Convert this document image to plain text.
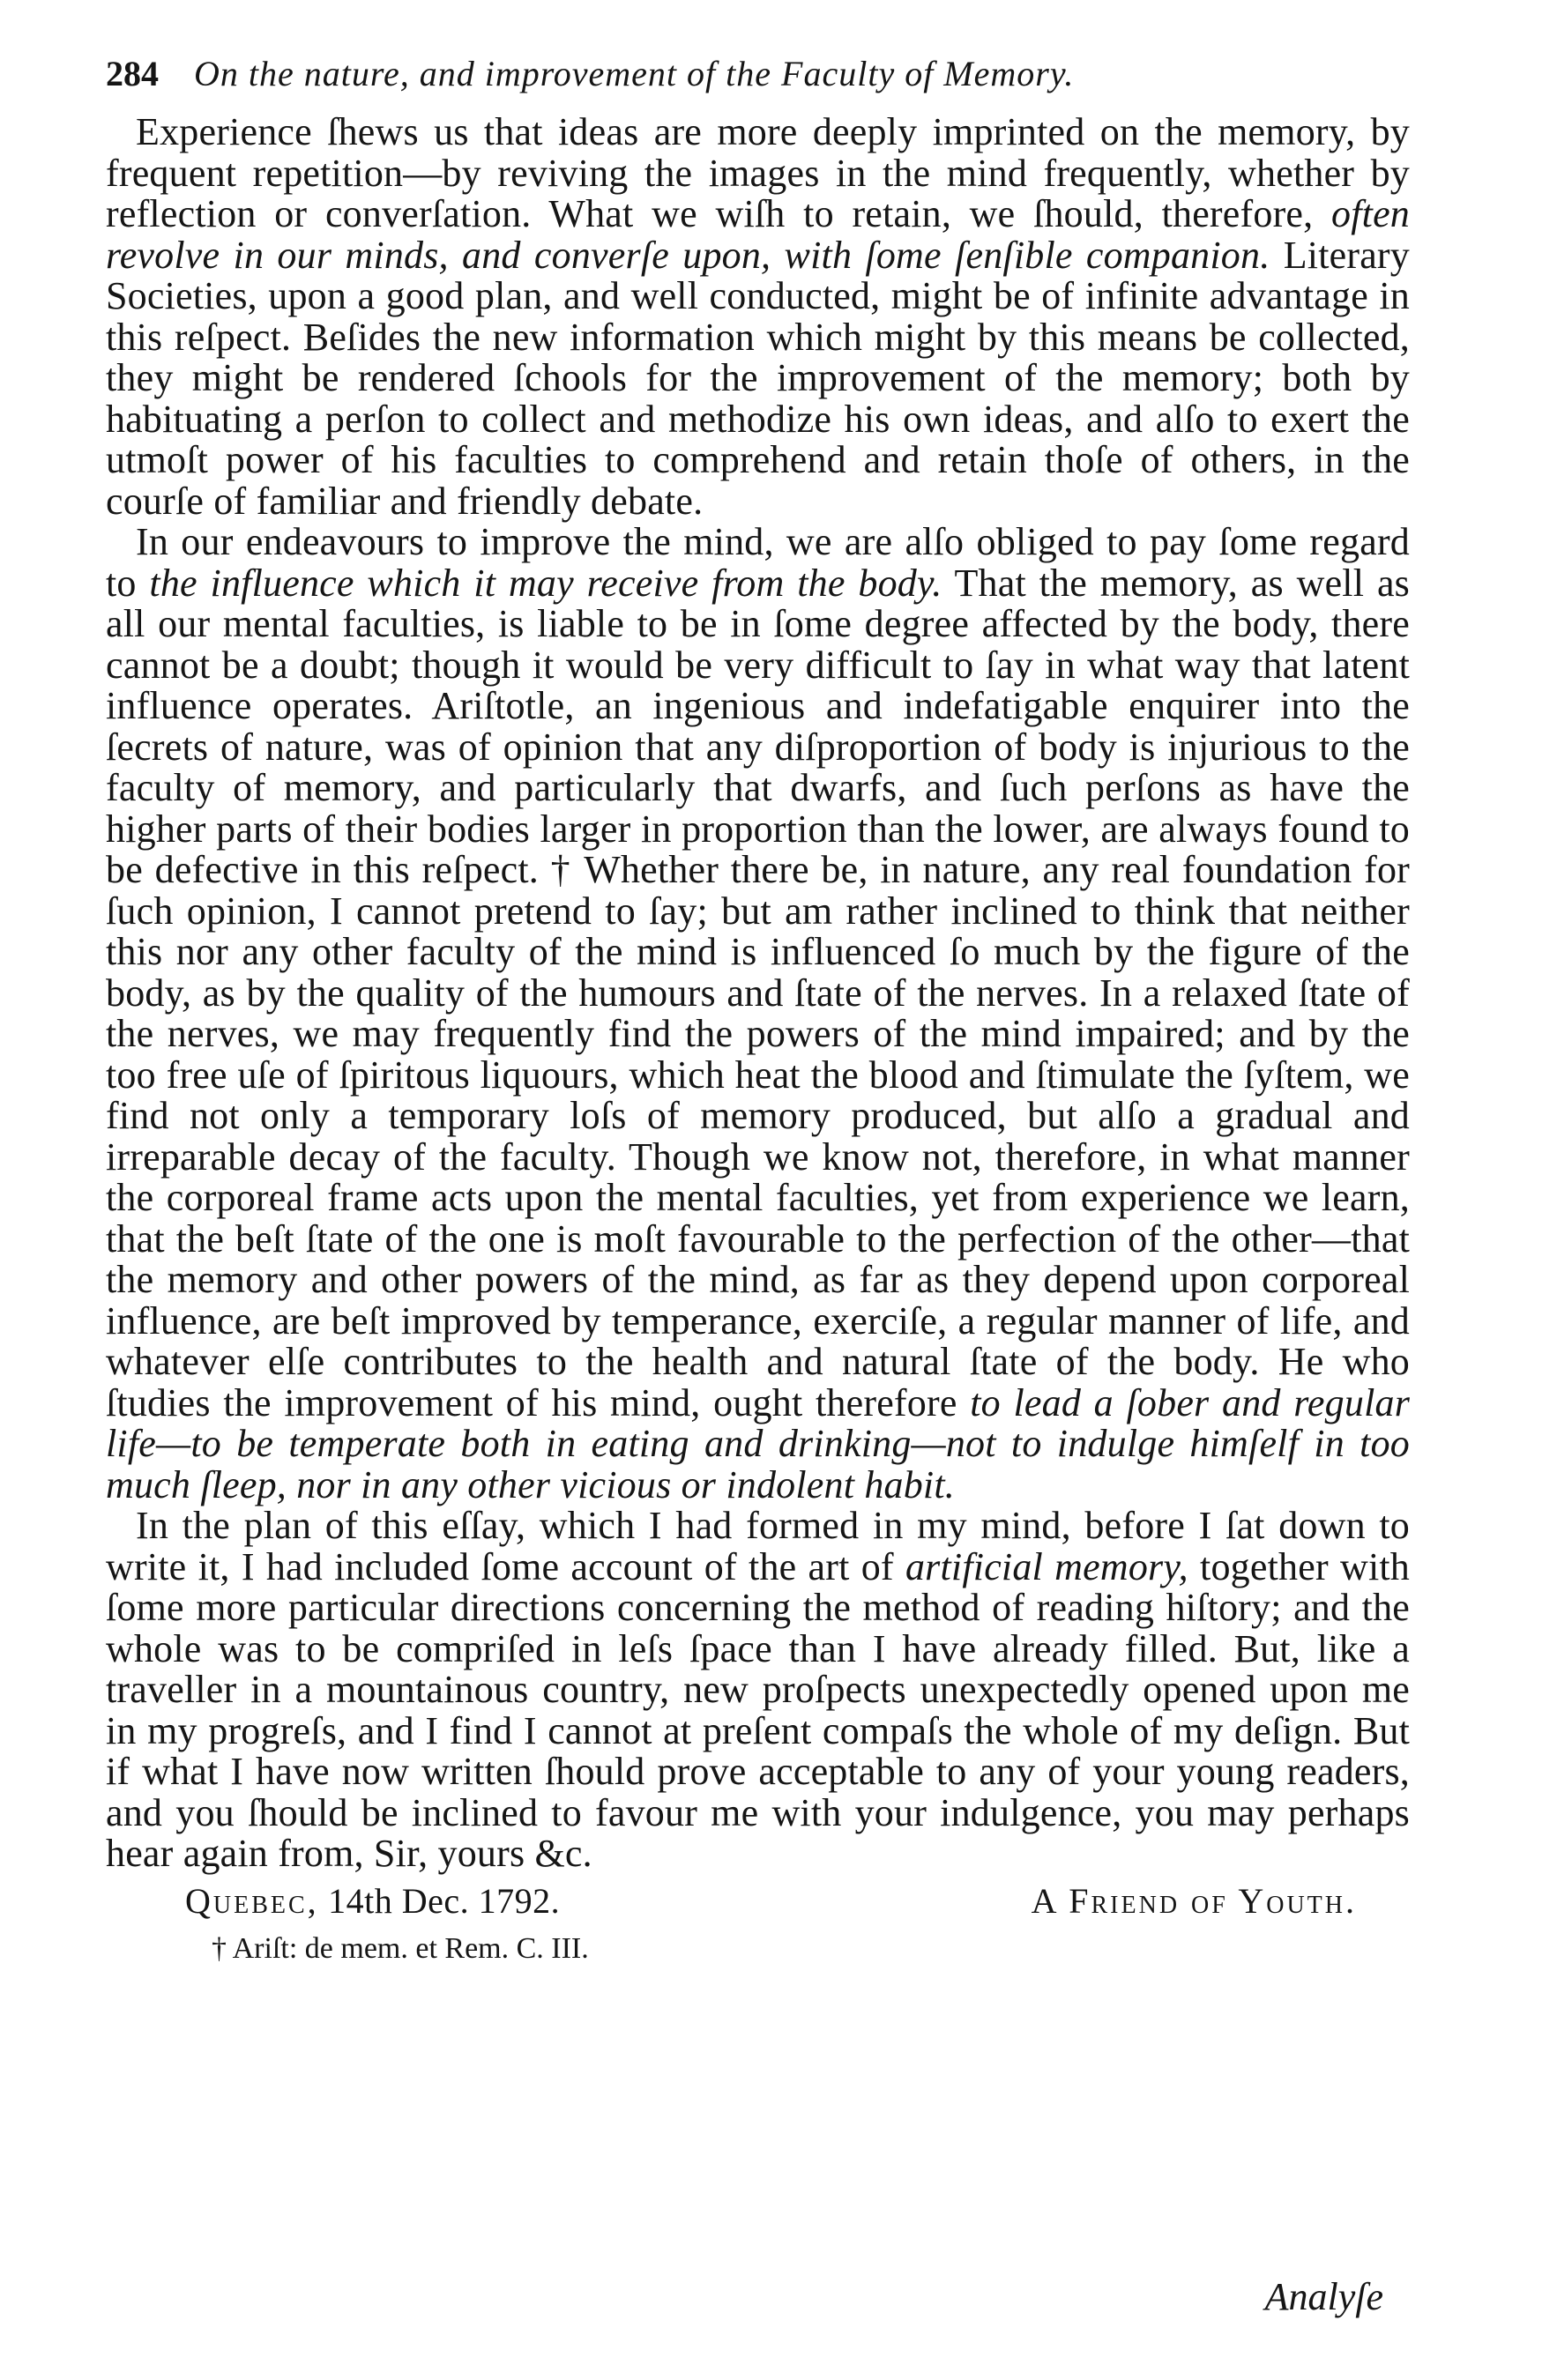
284 On the nature, and improvement of the Faculty of Memory.

Experience ſhews us that ideas are more deeply imprinted on the memory, by frequent repetition—by reviving the images in the mind frequently, whether by reflection or converſation. What we wiſh to retain, we ſhould, therefore, often revolve in our minds, and converſe upon, with ſome ſenſible companion. Literary Societies, upon a good plan, and well conducted, might be of infinite advantage in this reſpect. Beſides the new information which might by this means be collected, they might be rendered ſchools for the improvement of the memory; both by habituating a perſon to collect and methodize his own ideas, and alſo to exert the utmoſt power of his faculties to comprehend and retain thoſe of others, in the courſe of familiar and friendly debate.

In our endeavours to improve the mind, we are alſo obliged to pay ſome regard to the influence which it may receive from the body. That the memory, as well as all our mental faculties, is liable to be in ſome degree affected by the body, there cannot be a doubt; though it would be very difficult to ſay in what way that latent influence operates. Ariſtotle, an ingenious and indefatigable enquirer into the ſecrets of nature, was of opinion that any diſproportion of body is injurious to the faculty of memory, and particularly that dwarfs, and ſuch perſons as have the higher parts of their bodies larger in proportion than the lower, are always found to be defective in this reſpect. † Whether there be, in nature, any real foundation for ſuch opinion, I cannot pretend to ſay; but am rather inclined to think that neither this nor any other faculty of the mind is influenced ſo much by the figure of the body, as by the quality of the humours and ſtate of the nerves. In a relaxed ſtate of the nerves, we may frequently find the powers of the mind impaired; and by the too free uſe of ſpiritous liquours, which heat the blood and ſtimulate the ſyſtem, we find not only a temporary loſs of memory produced, but alſo a gradual and irreparable decay of the faculty. Though we know not, therefore, in what manner the corporeal frame acts upon the mental faculties, yet from experience we learn, that the beſt ſtate of the one is moſt favourable to the perfection of the other—that the memory and other powers of the mind, as far as they depend upon corporeal influence, are beſt improved by temperance, exerciſe, a regular manner of life, and whatever elſe contributes to the health and natural ſtate of the body. He who ſtudies the improvement of his mind, ought therefore to lead a ſober and regular life—to be temperate both in eating and drinking—not to indulge himſelf in too much ſleep, nor in any other vicious or indolent habit.

In the plan of this eſſay, which I had formed in my mind, before I ſat down to write it, I had included ſome account of the art of artificial memory, together with ſome more particular directions concerning the method of reading hiſtory; and the whole was to be compriſed in leſs ſpace than I have already filled. But, like a traveller in a mountainous country, new proſpects unexpectedly opened upon me in my progreſs, and I find I cannot at preſent compaſs the whole of my deſign. But if what I have now written ſhould prove acceptable to any of your young readers, and you ſhould be inclined to favour me with your indulgence, you may perhaps hear again from, Sir, yours &c.

Quebec, 14th Dec. 1792.	A Friend of Youth.
† Ariſt: de mem. et Rem. C. III.
Analyſe
